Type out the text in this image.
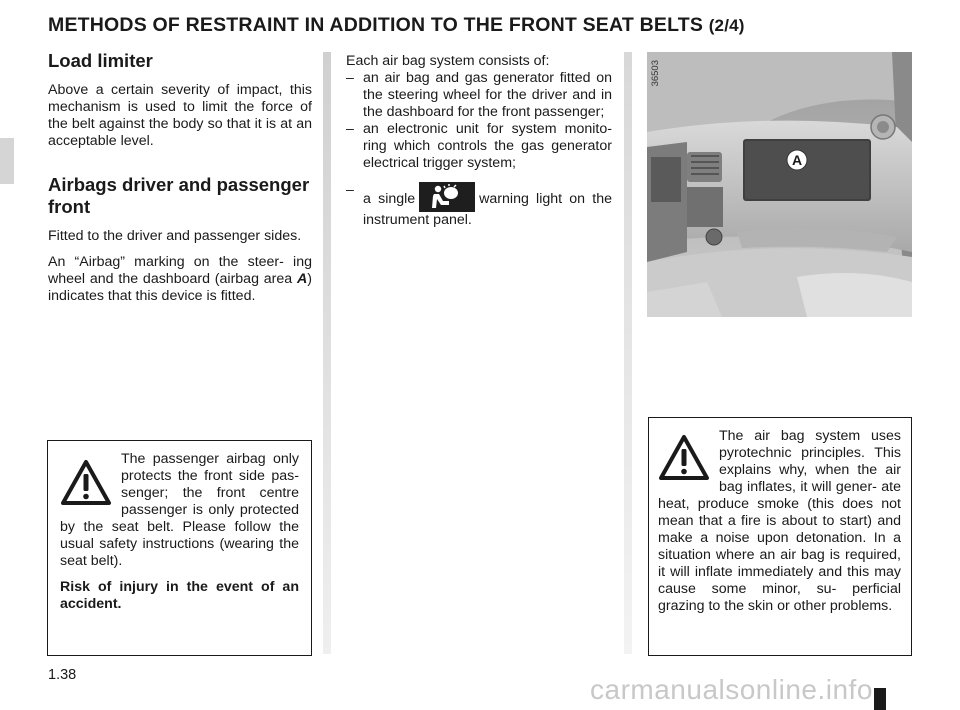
METHODS OF RESTRAINT IN ADDITION TO THE FRONT SEAT BELTS (2/4)
Load limiter

Above a certain severity of impact, this mechanism is used to limit the force of the belt against the body so that it is at an acceptable level.

Airbags driver and passenger front

Fitted to the driver and passenger sides.

An “Airbag” marking on the steer- ing wheel and the dashboard (airbag area A) indicates that this device is fitted.

Each air bag system consists of:
– an air bag and gas generator fitted on the steering wheel for the driver and in the dashboard for the front passenger;
– an electronic unit for system monito- ring which controls the gas generator electrical trigger system;
–
a single	warning light on the instrument panel.
A
36503

The passenger airbag only protects the front side pas- senger; the front centre passenger is only protected by the seat belt. Please follow the usual safety instructions (wearing the seat belt).

Risk of injury in the event of an accident.

The air bag system uses pyrotechnic principles. This explains why, when the air bag inflates, it will gener- ate heat, produce smoke (this does not mean that a fire is about to start) and make a noise upon detonation. In a situation where an air bag is required, it will inflate immediately and this may cause some minor, su- perficial grazing to the skin or other problems.

1.38	carmanualsonline.info
